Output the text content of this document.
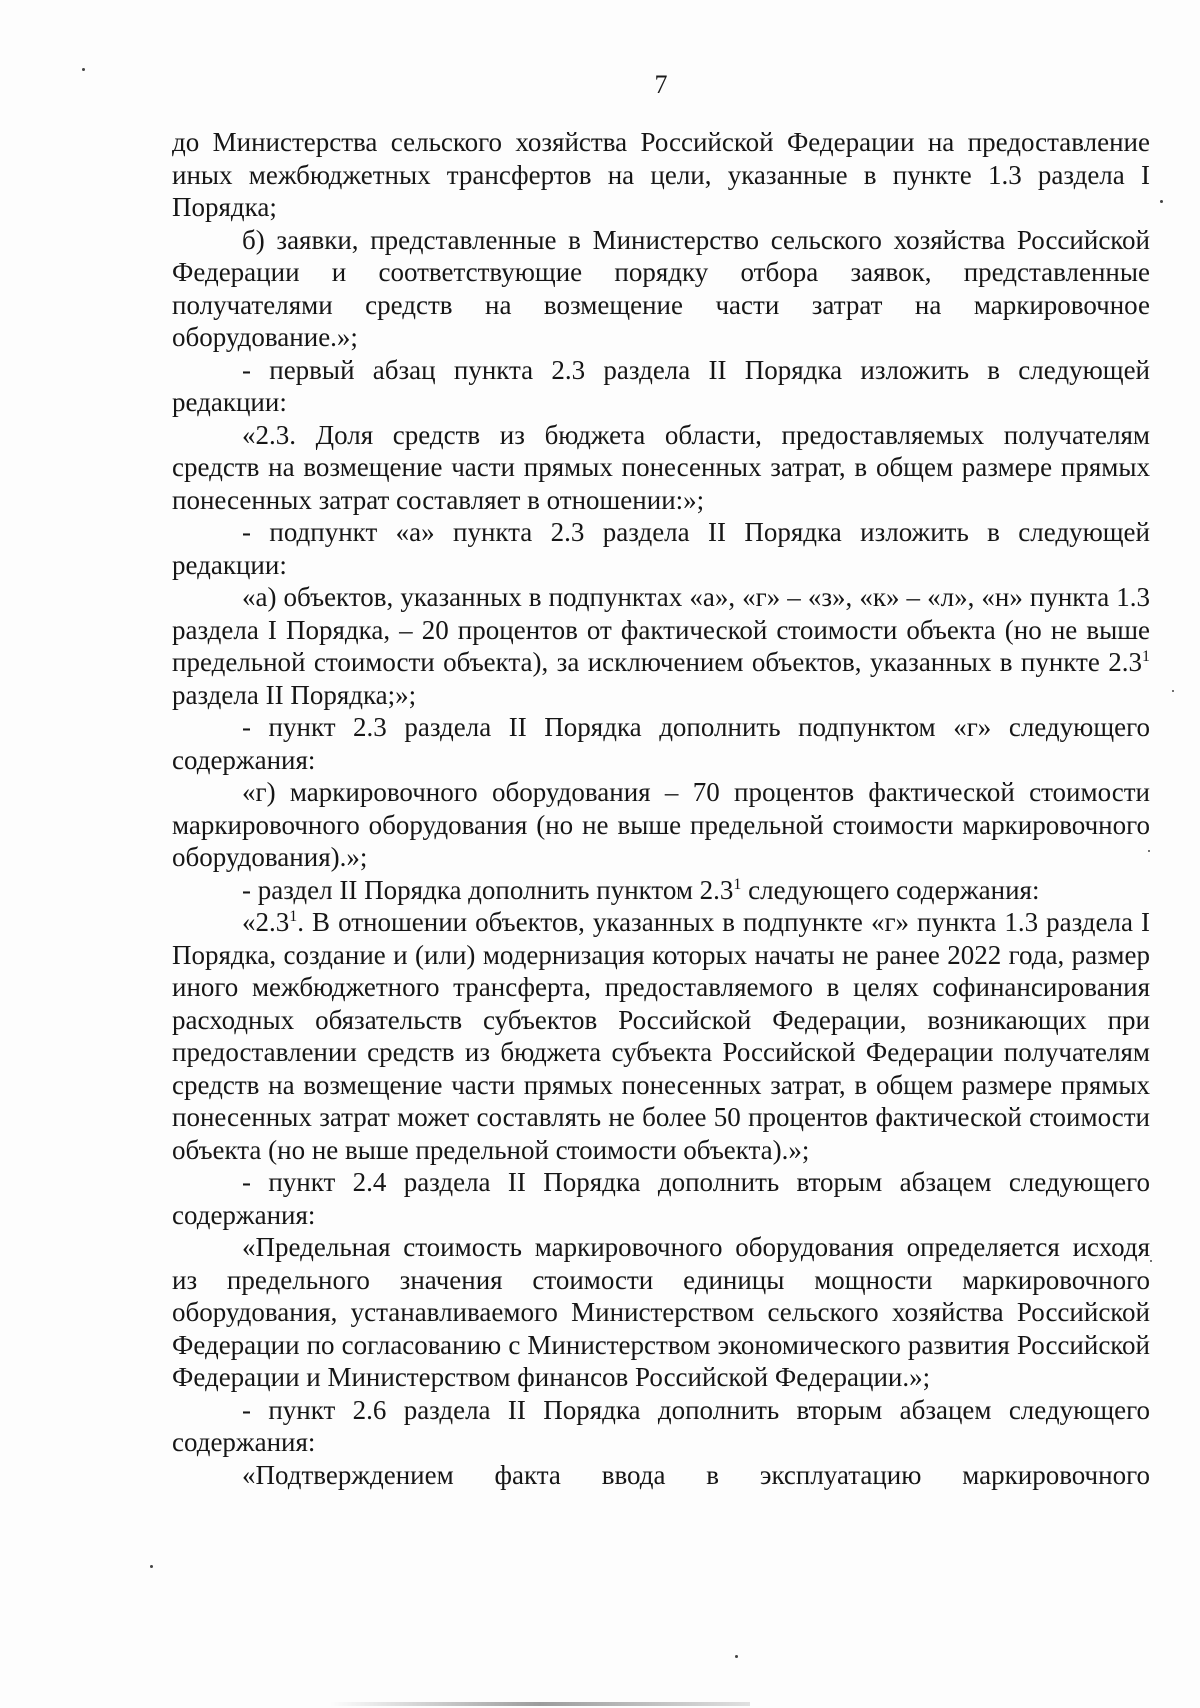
7

до Министерства сельского хозяйства Российской Федерации на предоставление иных межбюджетных трансфертов на цели, указанные в пункте 1.3 раздела I Порядка;

б) заявки, представленные в Министерство сельского хозяйства Российской Федерации и соответствующие порядку отбора заявок, представленные получателями средств на возмещение части затрат на маркировочное оборудование.»;

- первый абзац пункта 2.3 раздела II Порядка изложить в следующей редакции:

«2.3. Доля средств из бюджета области, предоставляемых получателям средств на возмещение части прямых понесенных затрат, в общем размере прямых понесенных затрат составляет в отношении:»;

- подпункт «а» пункта 2.3 раздела II Порядка изложить в следующей редакции:

«а) объектов, указанных в подпунктах «а», «г» – «з», «к» – «л», «н» пункта 1.3 раздела I Порядка, – 20 процентов от фактической стоимости объекта (но не выше предельной стоимости объекта), за исключением объектов, указанных в пункте $2.3^1$ раздела II Порядка;»;

- пункт 2.3 раздела II Порядка дополнить подпунктом «г» следующего содержания:

«г) маркировочного оборудования – 70 процентов фактической стоимости маркировочного оборудования (но не выше предельной стоимости маркировочного оборудования).»;

- раздел II Порядка дополнить пунктом $2.3^1$ следующего содержания:

«$2.3^1$. В отношении объектов, указанных в подпункте «г» пункта 1.3 раздела I Порядка, создание и (или) модернизация которых начаты не ранее 2022 года, размер иного межбюджетного трансферта, предоставляемого в целях софинансирования расходных обязательств субъектов Российской Федерации, возникающих при предоставлении средств из бюджета субъекта Российской Федерации получателям средств на возмещение части прямых понесенных затрат, в общем размере прямых понесенных затрат может составлять не более 50 процентов фактической стоимости объекта (но не выше предельной стоимости объекта).»;

- пункт 2.4 раздела II Порядка дополнить вторым абзацем следующего содержания:

«Предельная стоимость маркировочного оборудования определяется исходя из предельного значения стоимости единицы мощности маркировочного оборудования, устанавливаемого Министерством сельского хозяйства Российской Федерации по согласованию с Министерством экономического развития Российской Федерации и Министерством финансов Российской Федерации.»;

- пункт 2.6 раздела II Порядка дополнить вторым абзацем следующего содержания:

«Подтверждением факта ввода в эксплуатацию маркировочного
